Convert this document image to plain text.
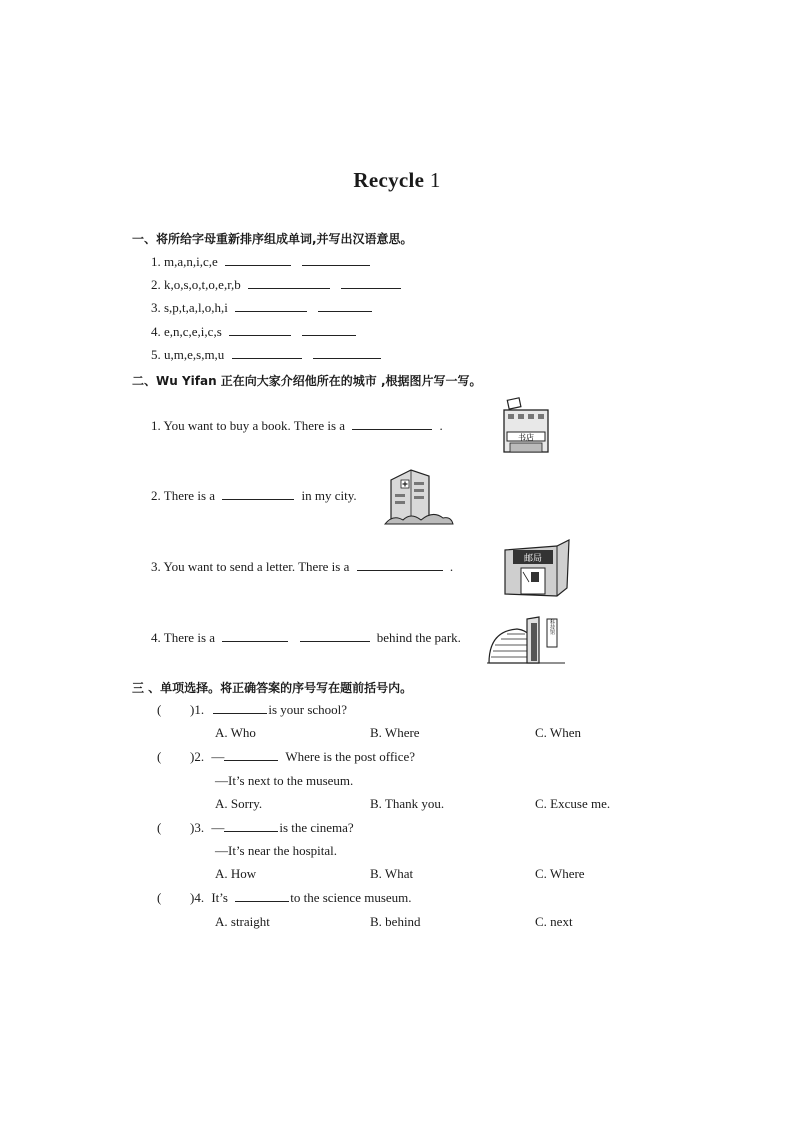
Recycle 1
一、将所给字母重新排序组成单词,并写出汉语意思。
1. m,a,n,i,c,e
2. k,o,s,o,t,o,e,r,b
3. s,p,t,a,l,o,h,i
4. e,n,c,e,i,c,s
5. u,m,e,s,m,u
二、Wu Yifan 正在向大家介绍他所在的城市 ,根据图片写一写。
1. You want to buy a book. There is a	.
2. There is a	in my city.
3. You want to send a letter. There is a	.
4. There is a	behind the park.
书店
邮局
科技馆
三 、单项选择。将正确答案的序号写在题前括号内。
( )1.	is your school?
A. Who	B. Where	C. When
( )2. —	Where is the post office?
—It’s next to the museum.
A. Sorry.	B. Thank you.	C. Excuse me.
( )3. —	is the cinema?
—It’s near the hospital.
A. How	B. What	C. Where
( )4. It’s	to the science museum.
A. straight	B. behind	C. next
